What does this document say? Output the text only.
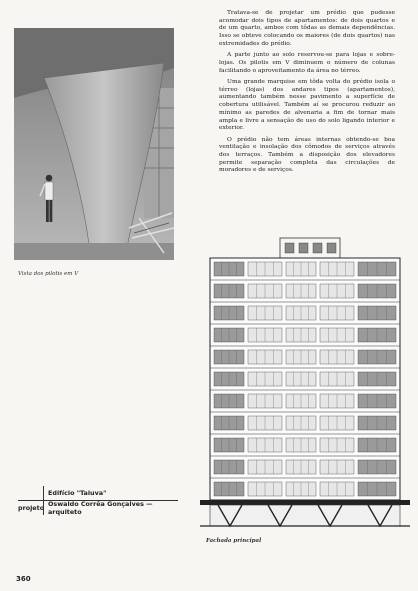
Vista dos pilotis em V

Tratava-se de projetar um prédio que pudesse acomodar dois tipos de apartamentos: de dois quartos e de um quarto, ambos com tôdas as demais dependências. Isso se obteve colocando os maiores (de dois quartos) nas extremidades do prédio.

A parte junto ao solo reservou-se para lojas e sobre-lojas. Os pilotis em V diminuem o número de colunas facilitando o aproveitamento da área no térreo.

Uma grande marquise em tôda volta do prédio isola o térreo (lojas) dos andares tipos (apartamentos), aumentando também nesse pavimento a superfície de cobertura utilisável. Também aí se procurou reduzir ao mínimo as paredes de alvenaria a fim de tornar mais ampla e livre a sensação de uso do solo ligando interior e exterior.

O prédio não tem áreas internas obtendo-se boa ventilação e insolação dos cômodos de serviços através dos terraços. Também a disposição dos elevadores permite separação completa das circulações de moradores e de serviços.

Fachada principal
Edifício "Taiuva"
projeto Oswaldo Corrêa Gonçalves — arquiteto
360
